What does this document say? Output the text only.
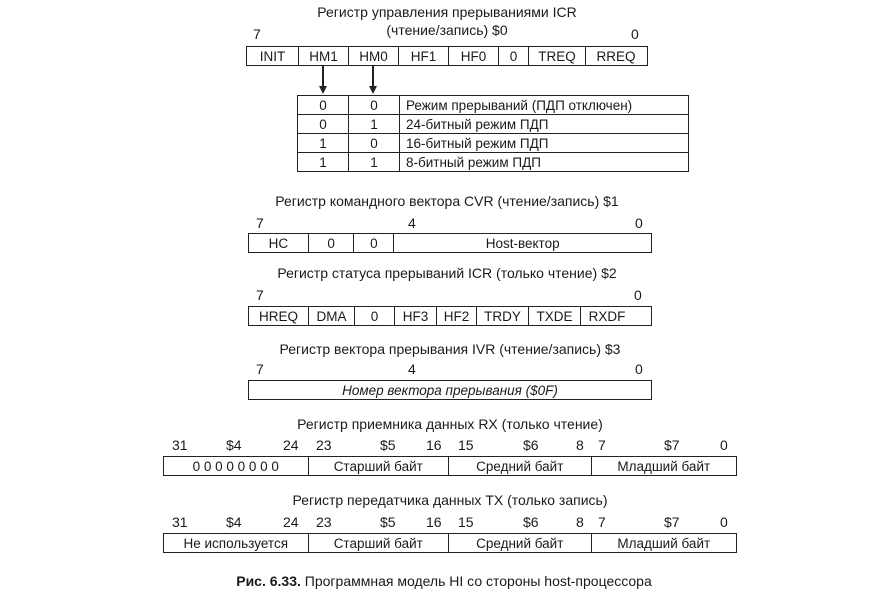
Регистр управления прерываниями ICR
(чтение/запись) $0
7	0
INIT	HM1	HM0	HF1	HF0	0	TREQ	RREQ
0	0	Режим прерываний (ПДП отключен)
0	1	24-битный режим ПДП
1	0	16-битный режим ПДП
1	1	8-битный режим ПДП
Регистр командного вектора CVR (чтение/запись) $1
7	4	0
HC	0	0	Host-вектор
Регистр статуса прерываний ICR (только чтение) $2
7	0
HREQ	DMA	0	HF3	HF2	TRDY	TXDE	RXDF
Регистр вектора прерывания IVR (чтение/запись) $3
7	4	0
Номер вектора прерывания ($0F)
Регистр приемника данных RX (только чтение)
31	$4	24 23	$5 16 15	$6	8 7	$7	0
0 0 0 0 0 0 0 0	Старший байт	Средний байт	Младший байт
Регистр передатчика данных TX (только запись)
31	$4	24 23	$5 16 15	$6	8 7	$7	0
Не используется	Старший байт	Средний байт	Младший байт
Рис. 6.33. Программная модель HI со стороны host-процессора
